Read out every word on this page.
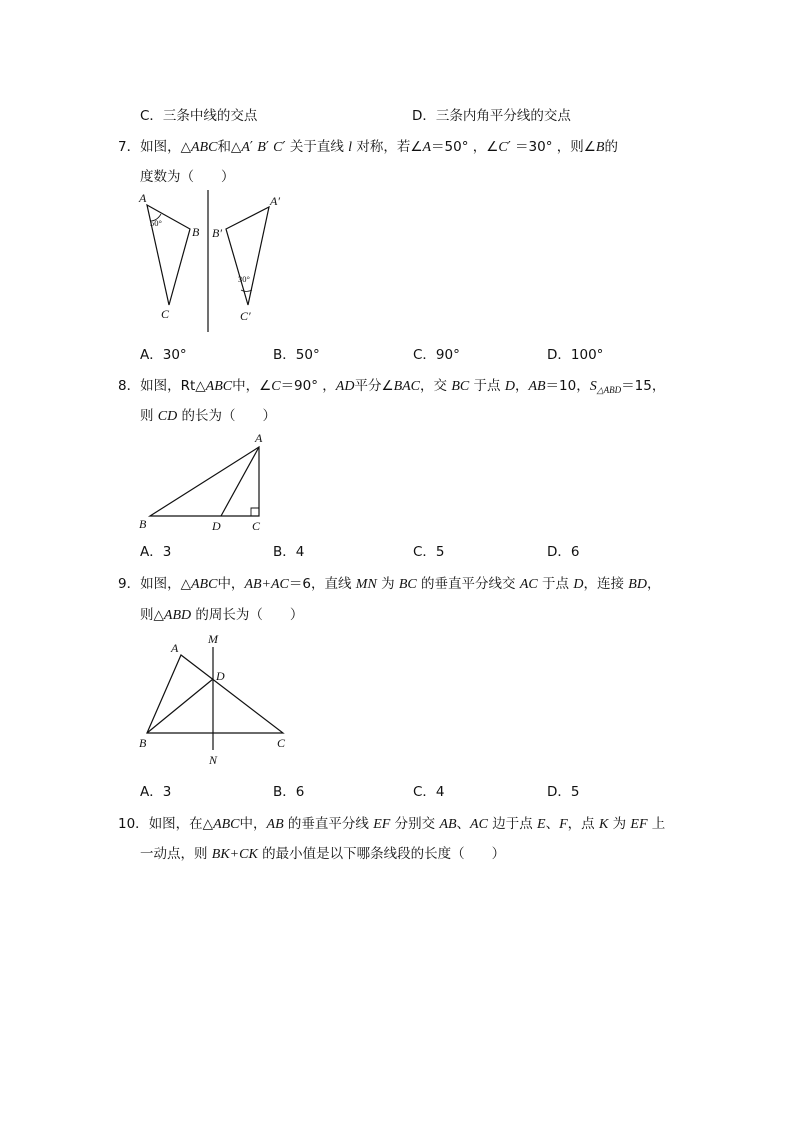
C．三条中线的交点	D．三条内角平分线的交点
7．如图，△ABC和△A′ B′ C′ 关于直线 l 对称，若∠A＝50° ，∠C′ ＝30° ，则∠B的
度数为（　　）
A
B
C
A′
B′
C′
50°
30°
A．30°	B．50°	C．90°	D．100°
8．如图，Rt△ABC中，∠C＝90° ，AD平分∠BAC，交 BC 于点 D，AB＝10，$S_{\triangle ABD}=15$，
则 CD 的长为（　　）
A
B	C
D
A．3	B．4	C．5	D．6
9．如图，△ABC中，AB+AC＝6，直线 MN 为 BC 的垂直平分线交 AC 于点 D，连接 BD，
则△ABD 的周长为（　　）
A
B	C
D
M
N
A．3	B．6	C．4	D．5
10．如图，在△ABC中，AB 的垂直平分线 EF 分别交 AB、AC 边于点 E、F，点 K 为 EF 上
一动点，则 BK+CK 的最小值是以下哪条线段的长度（　　）
